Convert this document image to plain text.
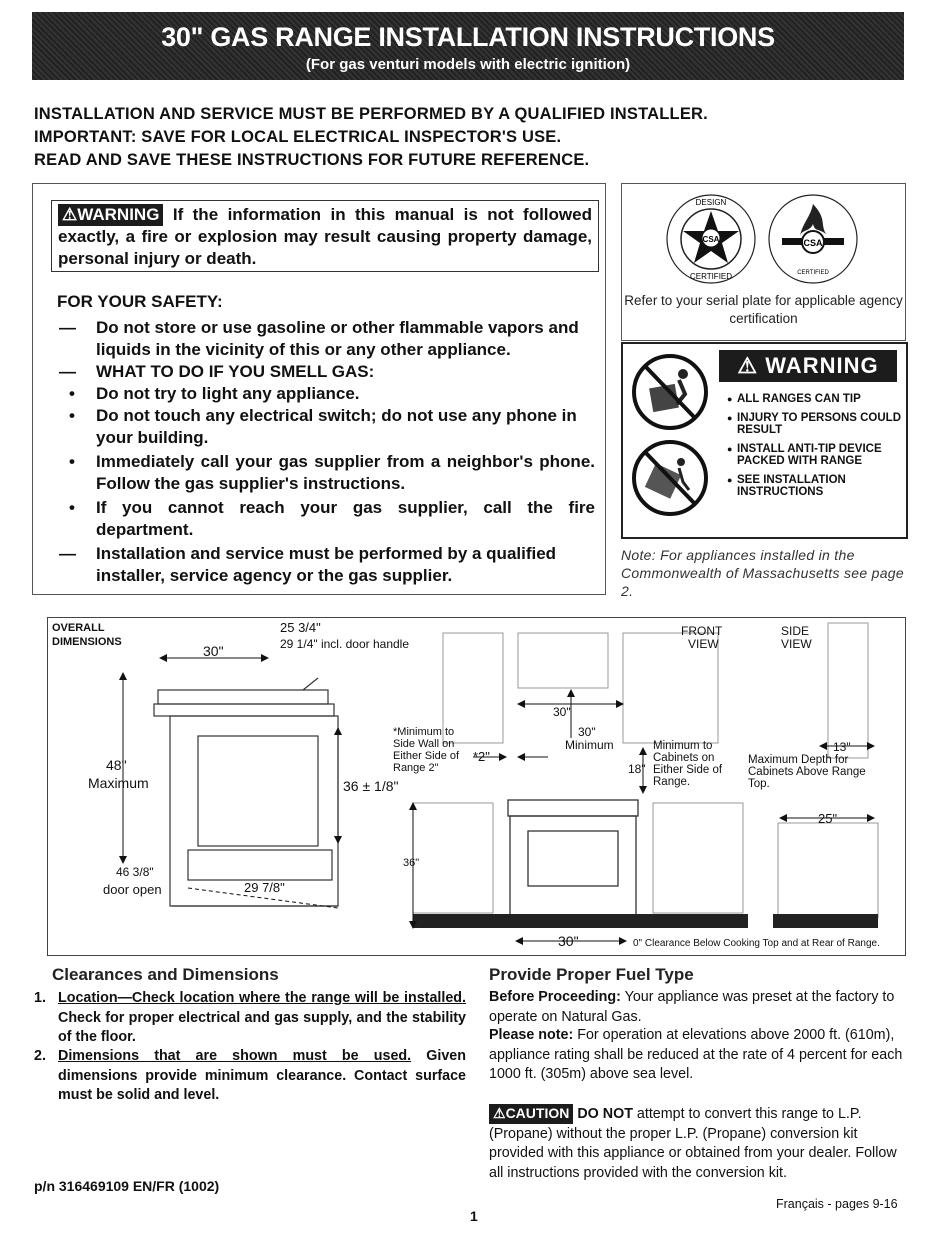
30" GAS RANGE INSTALLATION INSTRUCTIONS
(For gas venturi models with electric ignition)
INSTALLATION AND SERVICE MUST BE PERFORMED BY A QUALIFIED INSTALLER.
IMPORTANT: SAVE FOR LOCAL ELECTRICAL INSPECTOR'S USE.
READ AND SAVE THESE INSTRUCTIONS FOR FUTURE REFERENCE.
⚠WARNING If the information in this manual is not followed exactly, a fire or explosion may result causing property damage, personal injury or death.
FOR YOUR SAFETY:
— Do not store or use gasoline or other flammable vapors and liquids in the vicinity of this or any other appliance.
— WHAT TO DO IF YOU SMELL GAS:
• Do not try to light any appliance.
• Do not touch any electrical switch; do not use any phone in your building.
• Immediately call your gas supplier from a neighbor's phone. Follow the gas supplier's instructions.
• If you cannot reach your gas supplier, call the fire department.
— Installation and service must be performed by a qualified installer, service agency or the gas supplier.
CSA
DESIGN
CERTIFIED
CSA
CERTIFIED
Refer to your serial plate for applicable agency certification
⚠ WARNING
● ALL RANGES CAN TIP
● INJURY TO PERSONS COULD RESULT
● INSTALL ANTI-TIP DEVICE PACKED WITH RANGE
● SEE INSTALLATION INSTRUCTIONS
Note: For appliances installed in the Commonwealth of Massachusetts see page 2.
OVERALL
DIMENSIONS
30"
25 3/4"
29 1/4" incl. door handle
48"
Maximum	36 ± 1/8"
46 3/8"
door open	29 7/8"
FRONT
VIEW
SIDE
VIEW
*Minimum to Side Wall on Either Side of Range 2"
*2"
30"
30"
Minimum
18"
Minimum to Cabinets on Either Side of Range.
13"
Maximum Depth for Cabinets Above Range Top.
25"
36"
30"	0" Clearance Below Cooking Top and at Rear of Range.
Clearances and Dimensions
1. Location—Check location where the range will be installed. Check for proper electrical and gas supply, and the stability of the floor.
2. Dimensions that are shown must be used. Given dimensions provide minimum clearance. Contact surface must be solid and level.
Provide Proper Fuel Type
Before Proceeding: Your appliance was preset at the factory to operate on Natural Gas.
Please note: For operation at elevations above 2000 ft. (610m), appliance rating shall be reduced at the rate of 4 percent for each 1000 ft. (305m) above sea level.
⚠CAUTION DO NOT attempt to convert this range to L.P. (Propane) without the proper L.P. (Propane) conversion kit provided with this appliance or obtained from your dealer. Follow all instructions provided with the conversion kit.
p/n 316469109 EN/FR (1002)
1
Français - pages 9-16
